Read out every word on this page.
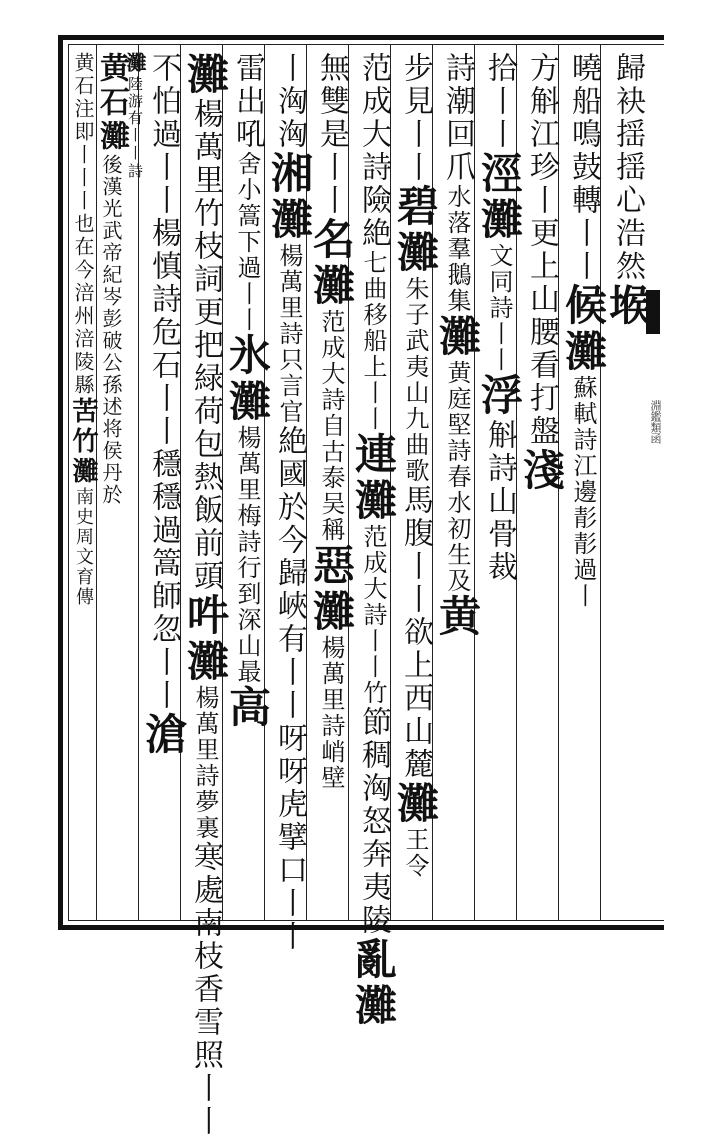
淵鑑類函
歸袂揺揺心浩然堠
曉船鳴鼓轉丨丨候灘蘇軾詩江邊𩇕𩇕過丨
方斛江珍丨更上山腰看打盤淺
拾丨丨涇灘文同詩丨丨浮斛詩山骨裁
詩潮回爪水落羣鵝集灘黄庭堅詩春水初生及黄
步見丨丨碧灘朱子武夷山九曲歌馬腹丨丨欲上西山麓灘王令
范成大詩險絶七曲移船上丨丨連灘范成大詩丨丨竹節稠洶怒奔夷陵亂灘
無雙是丨丨名灘范成大詩自古泰吴稱惡灘楊萬里詩峭壁
丨洶洶湘灘楊萬里詩只言官絶國於今歸峽有丨丨呀呀虎擘口丨丨
雷出吼舍小篙下過丨丨氷灘楊萬里梅詩行到深山最高
灘楊萬里竹枝詞更把緑荷包熱飯前頭吽灘楊萬里詩夢裏寒處南枝香雪照丨丨
不怕過丨丨楊慎詩危石丨丨穩穩過篙師忽丨丨滄
灘陸游有丨丨詩
黄石灘後漢光武帝紀岑彭破公孫述将侯丹於
黄石注即丨丨丨也在今涪州涪陵縣苦竹灘南史周文育傳
